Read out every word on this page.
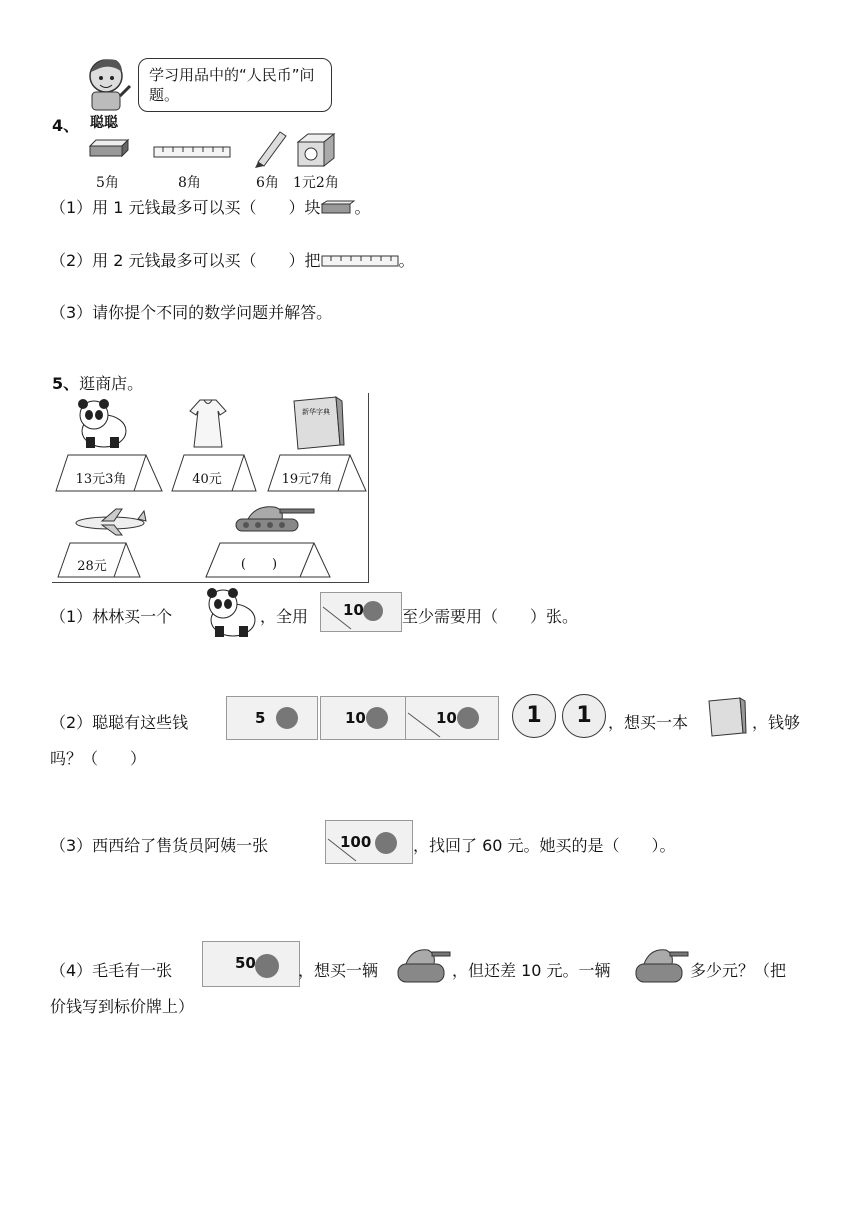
4、 聪聪
学习用品中的“人民币”问题。
5角	8角	6角 1元2角
（1）用 1 元钱最多可以买（　　）块 。
（2）用 2 元钱最多可以买（　　）把	。
（3）请你提个不同的数学问题并解答。
5、逛商店。
新华字典
13元3角	40元	19元7角
28元	(　　)
（1）林林买一个	，全用 10 至少需要用（　　）张。
（2）聪聪有这些钱	5	10	10	1	1	，想买一本	，钱够
吗？（　　）
（3）西西给了售货员阿姨一张	100	，找回了 60 元。她买的是（　　）。
（4）毛毛有一张	50	，想买一辆	，但还差 10 元。一辆	多少元？（把
价钱写到标价牌上）
